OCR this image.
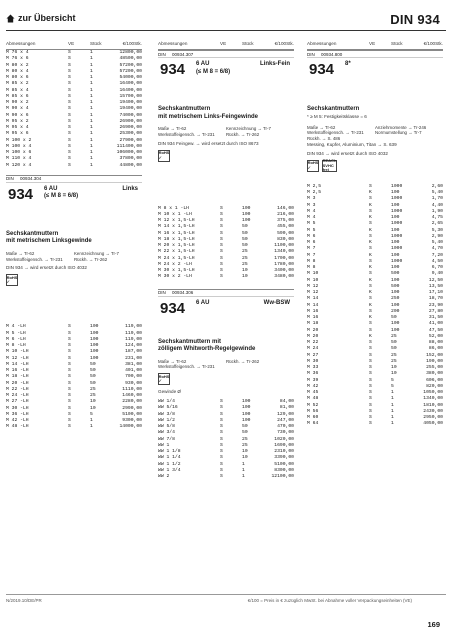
zur Übersicht	DIN 934
Abmessungen	VE	Stück	€/100Stk.
M 76 x 4	S	1	12800,00
M 76 x 6	S	1	48500,00
M 80 x 2	S	1	57200,00
M 80 x 4	S	1	57200,00
M 80 x 6	S	1	54000,00
M 85 x 2	S	1	16400,00
M 85 x 4	S	1	16400,00
M 85 x 6	S	1	15700,00
M 90 x 2	S	1	19400,00
M 90 x 4	S	1	19400,00
M 90 x 6	S	1	74000,00
M 95 x 2	S	1	26900,00
M 95 x 4	S	1	26900,00
M 95 x 6	S	1	25300,00
M 100 x 2	S	1	27900,00
M 100 x 4	S	1	111400,00
M 100 x 6	S	1	106000,00
M 110 x 4	S	1	37800,00
M 120 x 4	S	1	44800,00
DIN	00934.304
934 6 AU
(≤ M 8 = 6/8)
Links
Sechskantmuttern
mit metrischem Linksgewinde
Maße → Tr-62	Kennzeichnung → Tr-7
Werkstoffeigensch. → Tr-231	Rückh. → Tr-262
DIN 934 → wird ersetzt durch ISO 4032
RoHS ✓
M 4 -LH	S	100	119,00
M 5 -LH	S	100	119,00
M 6 -LH	S	100	119,00
M 8 -LH	S	100	124,00
M 10 -LH	S	100	187,00
M 12 -LH	S	100	231,00
M 14 -LH	S	50	381,00
M 16 -LH	S	50	401,00
M 18 -LH	S	50	700,00
M 20 -LH	S	50	930,00
M 22 -LH	S	25	1110,00
M 24 -LH	S	25	1460,00
M 27 -LH	S	10	2280,00
M 30 -LH	S	10	2990,00
M 36 -LH	S	5	5100,00
M 42 -LH	S	1	9300,00
M 48 -LH	S	1	14000,00
Abmessungen	VE	Stück	€/100Stk.
DIN	00934.307
934 6 AU
(≤ M 8 = 6/8)
Links-Fein
Sechskantmuttern
mit metrischem Links-Feingewinde
Maße → Tr-62	Kennzeichnung → Tr-7
Werkstoffeigensch. → Tr-231	Rückh. → Tr-262
DIN 934 Feingew. → wird ersetzt durch ISO 8673
RoHS ✓
M 8 x 1 -LH	S	100	146,00
M 10 x 1 -LH	S	100	216,00
M 12 x 1,5-LH	S	100	375,00
M 14 x 1,5-LH	S	50	455,00
M 16 x 1,5-LH	S	50	590,00
M 18 x 1,5-LH	S	50	830,00
M 20 x 1,5-LH	S	50	1100,00
M 22 x 1,5-LH	S	25	1340,00
M 24 x 1,5-LH	S	25	1700,00
M 24 x 2 -LH	S	25	1780,00
M 30 x 1,5-LH	S	10	3400,00
M 30 x 2 -LH	S	10	3480,00
DIN	00934.306
934 6 AU	Ww-BSW
Sechskantmuttern mit
zölligem Whitworth-Regelgewinde
Maße → Tr-62	Rückh. → Tr-262
Werkstoffeigensch. → Tr-231
RoHS ✓
Gewinde Ø
WW 1/4	S	100	84,00
WW 5/16	S	100	81,00
WW 3/8	S	100	129,00
WW 1/2	S	100	247,00
WW 5/8	S	50	470,00
WW 3/4	S	50	730,00
WW 7/8	S	25	1020,00
WW 1	S	25	1690,00
WW 1 1/8	S	10	2310,00
WW 1 1/4	S	10	3390,00
WW 1 1/2	S	1	5100,00
WW 1 3/4	S	1	8300,00
WW 2	S	1	12100,00
Abmessungen	VE	Stück	€/100Stk.
DIN	00934.800
934 8*
Sechskantmuttern
* ≥ M 5: Festigkeitsklasse = 6
Maße → Tr-62	Anziehmomente → Tr-246
Werkstoffeigensch. → Tr-231	Normumstellung → Tr-7
Rückh. → S. 486
Messing, Kupfer, Aluminium, Titan → S. 639
DIN 934 → wird ersetzt durch ISO 4032
RoHS ✓
REACh SVHC frei
M 2,5	S	1000	2,60
M 2,5	K	100	5,40
M 3	S	1000	1,70
M 3	K	100	4,40
M 4	S	1000	1,90
M 4	K	100	4,75
M 5	S	1000	2,65
M 5	K	100	5,30
M 6	S	1000	2,90
M 6	K	100	5,40
M 7	S	1000	4,70
M 7	K	100	7,20
M 8	S	1000	4,50
M 8	K	100	6,70
M 10	S	500	9,40
M 10	K	100	12,50
M 12	S	500	13,50
M 12	K	100	17,10
M 14	S	250	18,70
M 14	K	100	23,90
M 16	S	200	27,80
M 16	K	50	31,50
M 18	S	100	41,00
M 20	S	100	47,50
M 20	K	25	52,00
M 22	S	50	88,00
M 24	S	50	86,00
M 27	S	25	152,00
M 30	S	25	190,00
M 33	S	10	255,00
M 36	S	10	380,00
M 39	S	5	606,00
M 42	S	5	820,00
M 45	S	1	1050,00
M 48	S	1	1340,00
M 52	S	1	1810,00
M 56	S	1	2430,00
M 60	S	1	2950,00
M 64	S	1	4050,00
N/2019.10/DE/PR	€/100 = Preis in € zuzüglich MwSt. bei Abnahme voller Verpackungseinheiten (VE)
169
